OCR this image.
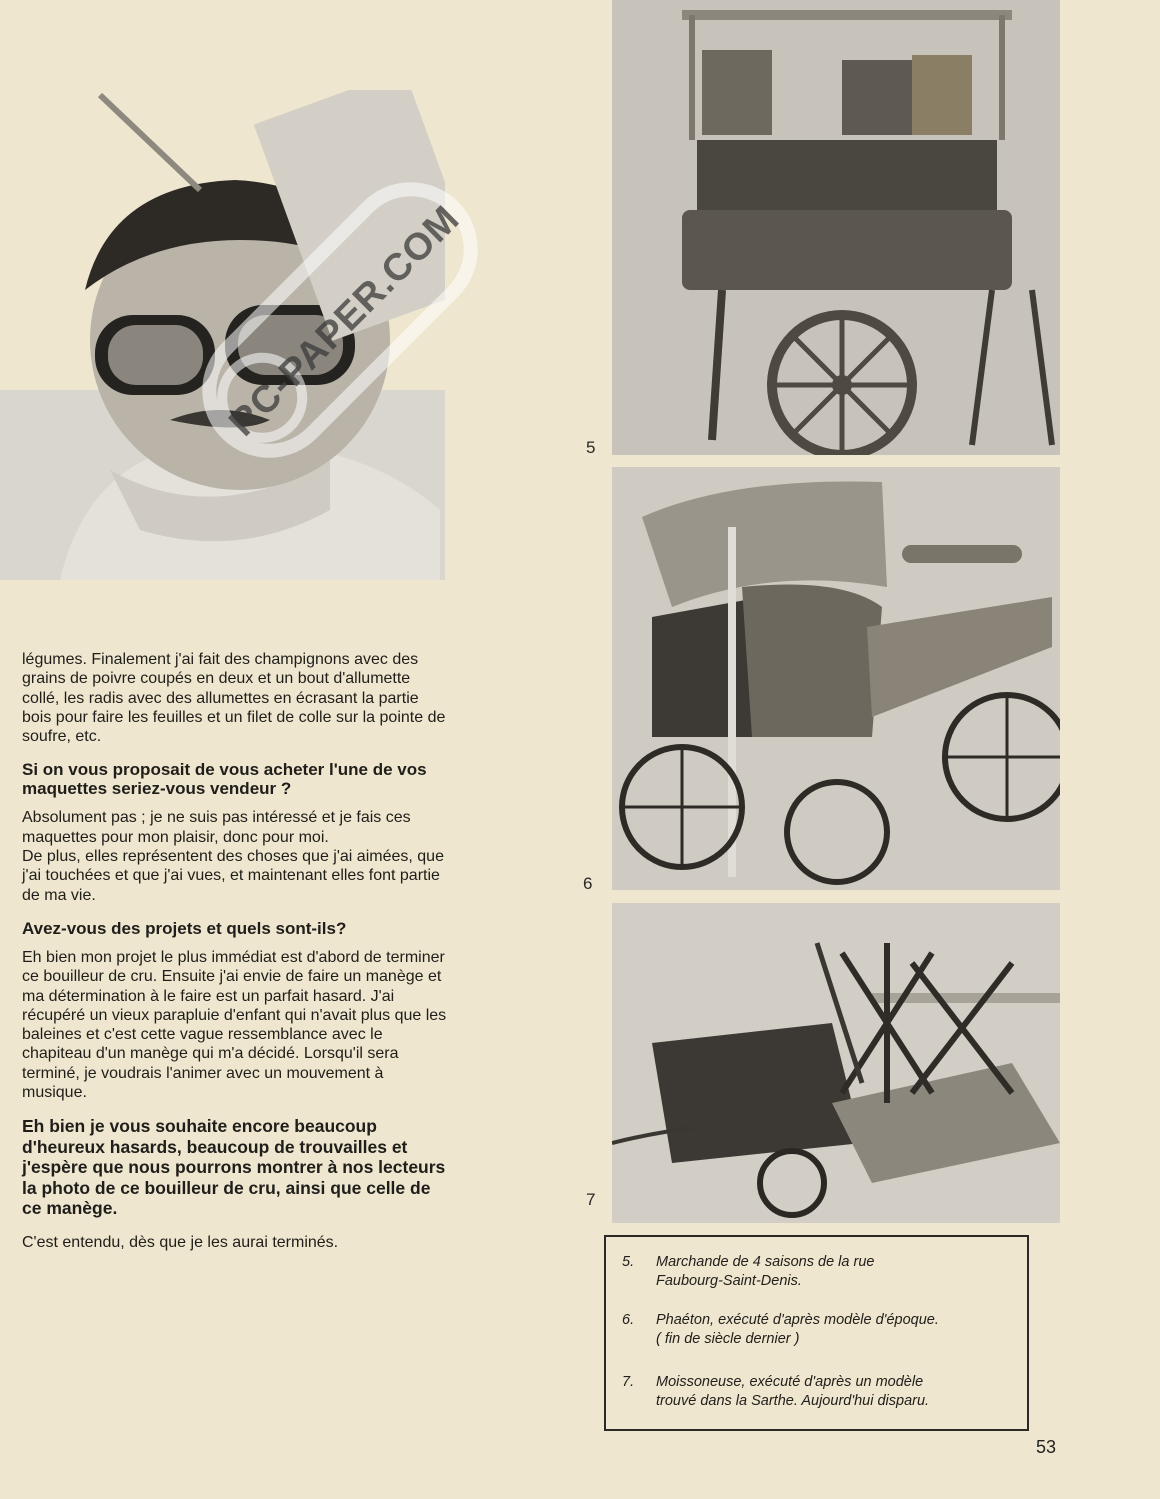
RC-PAPER.COM
5
6
7

légumes. Finalement j'ai fait des champignons avec des grains de poivre coupés en deux et un bout d'allumette collé, les radis avec des allumettes en écrasant la partie bois pour faire les feuilles et un filet de colle sur la pointe de soufre, etc.

Si on vous proposait de vous acheter l'une de vos maquettes seriez-vous vendeur ?

Absolument pas ; je ne suis pas intéressé et je fais ces maquettes pour mon plaisir, donc pour moi.
De plus, elles représentent des choses que j'ai aimées, que j'ai touchées et que j'ai vues, et maintenant elles font partie de ma vie.

Avez-vous des projets et quels sont-ils?

Eh bien mon projet le plus immédiat est d'abord de terminer ce bouilleur de cru. Ensuite j'ai envie de faire un manège et ma détermination à le faire est un parfait hasard. J'ai récupéré un vieux parapluie d'enfant qui n'avait plus que les baleines et c'est cette vague ressemblance avec le chapiteau d'un manège qui m'a décidé. Lorsqu'il sera terminé, je voudrais l'animer avec un mouvement à musique.

Eh bien je vous souhaite encore beaucoup d'heureux hasards, beaucoup de trouvailles et j'espère que nous pourrons montrer à nos lecteurs la photo de ce bouilleur de cru, ainsi que celle de ce manège.

C'est entendu, dès que je les aurai terminés.

5. Marchande de 4 saisons de la rue
Faubourg-Saint-Denis.
6. Phaéton, exécuté d'après modèle d'époque.
( fin de siècle dernier )
7. Moissoneuse, exécuté d'après un modèle
trouvé dans la Sarthe. Aujourd'hui disparu.
53
